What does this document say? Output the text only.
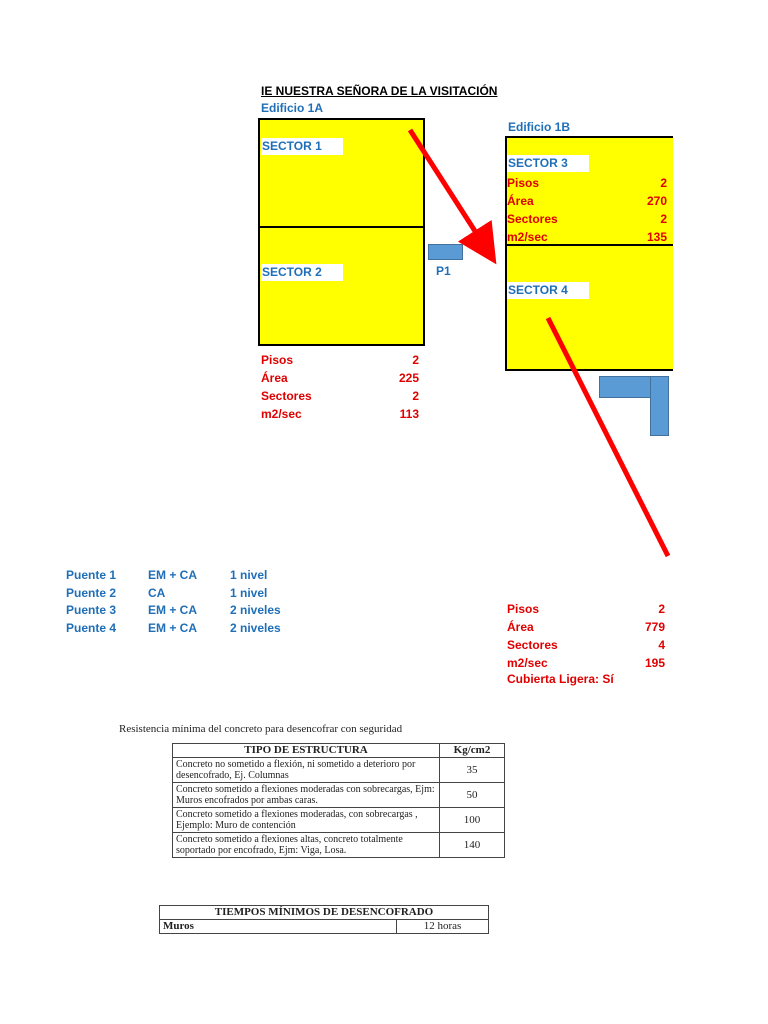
IE NUESTRA SEÑORA DE LA VISITACIÓN
Edificio 1A
Edificio 1B
SECTOR 1
SECTOR 2
SECTOR 3
Pisos	2
Área	270
Sectores	2
m2/sec	135
SECTOR 4
P1
Pisos	2
Área	225
Sectores	2
m2/sec	113
Pisos	2
Área	779
Sectores	4
m2/sec	195
Cubierta Ligera: Sí
Puente 1	EM + CA	1 nivel
Puente 2	CA	1 nivel
Puente 3	EM + CA	2 niveles
Puente 4	EM + CA	2 niveles
Resistencia mínima del concreto para desencofrar con seguridad
TIPO DE ESTRUCTURA	Kg/cm2
Concreto no sometido a flexión, ni sometido a deterioro por desencofrado, Ej. Columnas	35
Concreto sometido a flexiones moderadas con sobrecargas, Ejm: Muros encofrados por ambas caras.	50
Concreto sometido a flexiones moderadas, con sobrecargas , Ejemplo: Muro de contención	100
Concreto sometido a flexiones altas, concreto totalmente soportado por encofrado, Ejm: Viga, Losa.	140
TIEMPOS MÍNIMOS DE DESENCOFRADO
Muros	12 horas
